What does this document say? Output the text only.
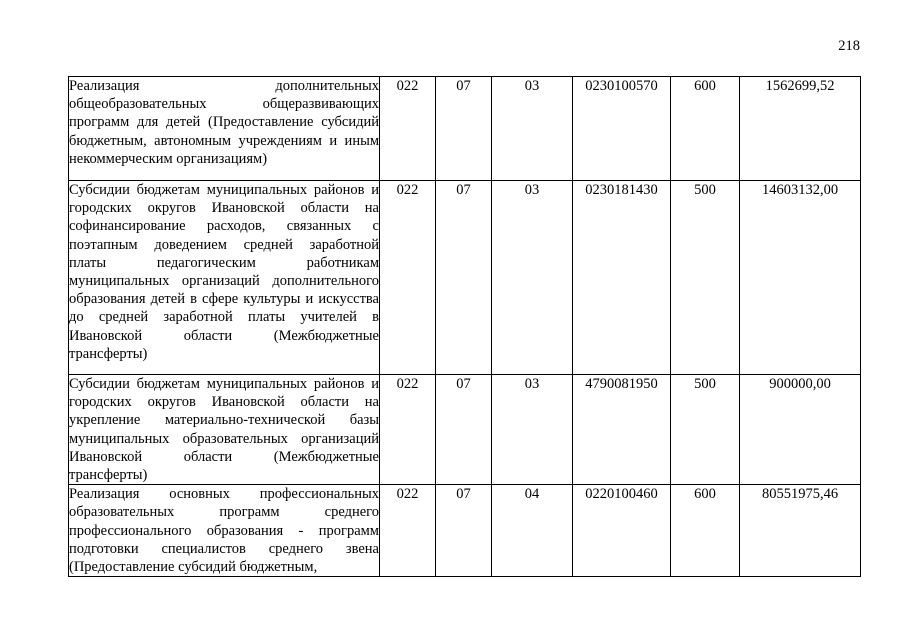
218
Реализация дополнительных общеобразовательных общеразвивающих программ для детей (Предоставление субсидий бюджетным, автономным учреждениям и иным некоммерческим организациям)	022	07	03	0230100570	600	1562699,52
Субсидии бюджетам муниципальных районов и городских округов Ивановской области на софинансирование расходов, связанных с поэтапным доведением средней заработной платы педагогическим работникам муниципальных организаций дополнительного образования детей в сфере культуры и искусства до средней заработной платы учителей в Ивановской области (Межбюджетные трансферты)	022	07	03	0230181430	500	14603132,00
Субсидии бюджетам муниципальных районов и городских округов Ивановской области на укрепление материально-технической базы муниципальных образовательных организаций Ивановской области (Межбюджетные трансферты)	022	07	03	4790081950	500	900000,00
Реализация основных профессиональных образовательных программ среднего профессионального образования - программ подготовки специалистов среднего звена (Предоставление субсидий бюджетным,	022	07	04	0220100460	600	80551975,46
